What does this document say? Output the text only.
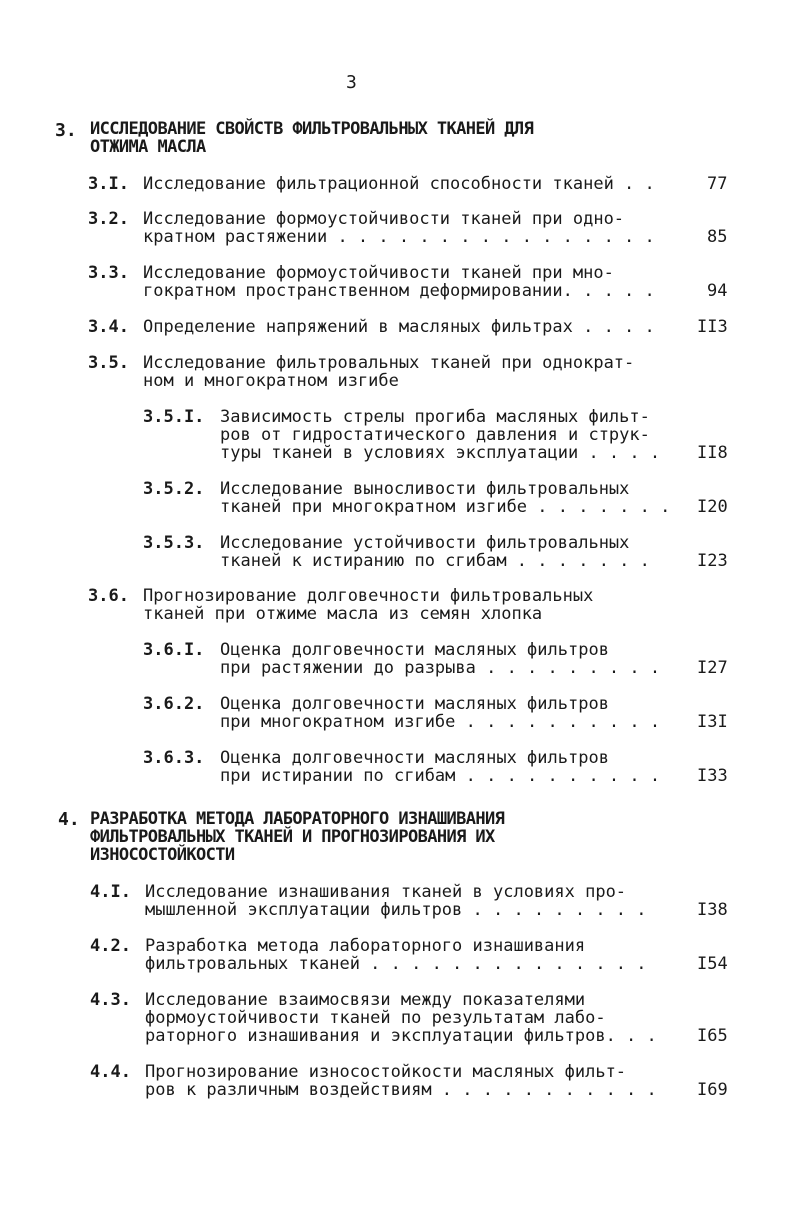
3
3. ИССЛЕДОВАНИЕ СВОЙСТВ ФИЛЬТРОВАЛЬНЫХ ТКАНЕЙ ДЛЯ
ОТЖИМА МАСЛА
3.I. Исследование фильтрационной способности тканей . .	77
3.2. Исследование формоустойчивости тканей при одно-
кратном растяжении . . . . . . . . . . . . . . . .	85
3.3. Исследование формоустойчивости тканей при мно-
гократном пространственном деформировании. . . . .	94
3.4. Определение напряжений в масляных фильтрах . . . . II3
3.5. Исследование фильтровальных тканей при однократ-
ном и многократном изгибе
3.5.I. Зависимость стрелы прогиба масляных фильт-
ров от гидростатического давления и струк-
туры тканей в условиях эксплуатации . . . . II8
3.5.2. Исследование выносливости фильтровальных
тканей при многократном изгибе . . . . . . . I20
3.5.3. Исследование устойчивости фильтровальных
тканей к истиранию по сгибам . . . . . . .	I23
3.6. Прогнозирование долговечности фильтровальных
тканей при отжиме масла из семян хлопка
3.6.I. Оценка долговечности масляных фильтров
при растяжении до разрыва . . . . . . . . . I27
3.6.2. Оценка долговечности масляных фильтров
при многократном изгибе . . . . . . . . . . I3I
3.6.3. Оценка долговечности масляных фильтров
при истирании по сгибам . . . . . . . . . . I33
4. РАЗРАБОТКА МЕТОДА ЛАБОРАТОРНОГО ИЗНАШИВАНИЯ
ФИЛЬТРОВАЛЬНЫХ ТКАНЕЙ И ПРОГНОЗИРОВАНИЯ ИХ
ИЗНОСОСТОЙКОСТИ
4.I. Исследование изнашивания тканей в условиях про-
мышленной эксплуатации фильтров . . . . . . . . .	I38
4.2. Разработка метода лабораторного изнашивания
фильтровальных тканей . . . . . . . . . . . . . .	I54
4.3. Исследование взаимосвязи между показателями
формоустойчивости тканей по результатам лабо-
раторного изнашивания и эксплуатации фильтров. . . I65
4.4. Прогнозирование износостойкости масляных фильт-
ров к различным воздействиям . . . . . . . . . . . I69
